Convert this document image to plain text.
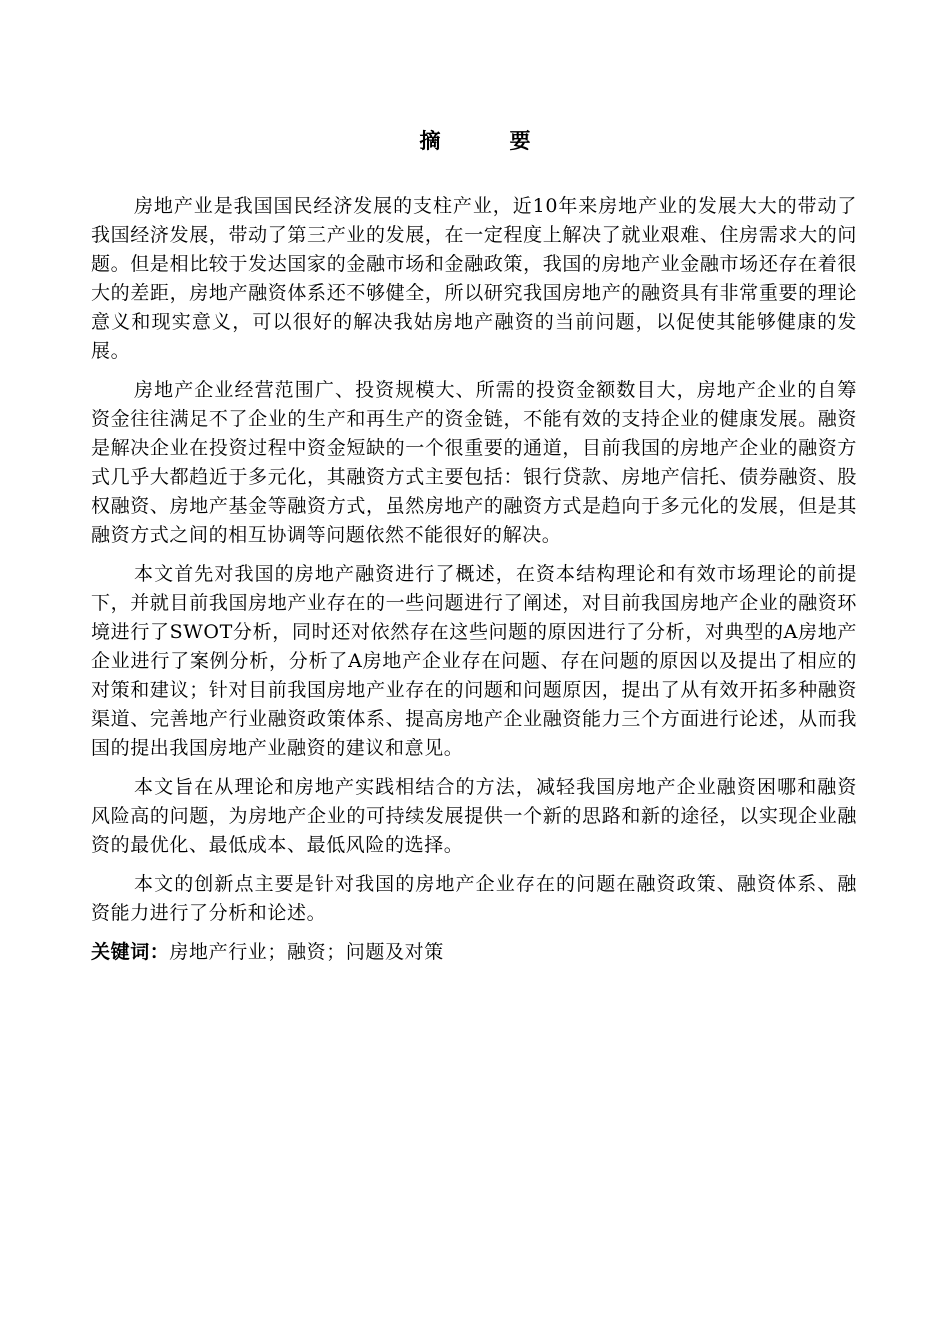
摘　要

房地产业是我国国民经济发展的支柱产业，近10年来房地产业的发展大大的带动了我国经济发展，带动了第三产业的发展，在一定程度上解决了就业艰难、住房需求大的问题。但是相比较于发达国家的金融市场和金融政策，我国的房地产业金融市场还存在着很大的差距，房地产融资体系还不够健全，所以研究我国房地产的融资具有非常重要的理论意义和现实意义，可以很好的解决我姑房地产融资的当前问题，以促使其能够健康的发展。

房地产企业经营范围广、投资规模大、所需的投资金额数目大，房地产企业的自筹资金往往满足不了企业的生产和再生产的资金链，不能有效的支持企业的健康发展。融资是解决企业在投资过程中资金短缺的一个很重要的通道，目前我国的房地产企业的融资方式几乎大都趋近于多元化，其融资方式主要包括：银行贷款、房地产信托、债券融资、股权融资、房地产基金等融资方式，虽然房地产的融资方式是趋向于多元化的发展，但是其融资方式之间的相互协调等问题依然不能很好的解决。

本文首先对我国的房地产融资进行了概述，在资本结构理论和有效市场理论的前提下，并就目前我国房地产业存在的一些问题进行了阐述，对目前我国房地产企业的融资环境进行了SWOT分析，同时还对依然存在这些问题的原因进行了分析，对典型的A房地产企业进行了案例分析，分析了A房地产企业存在问题、存在问题的原因以及提出了相应的对策和建议；针对目前我国房地产业存在的问题和问题原因，提出了从有效开拓多种融资渠道、完善地产行业融资政策体系、提高房地产企业融资能力三个方面进行论述，从而我国的提出我国房地产业融资的建议和意见。

本文旨在从理论和房地产实践相结合的方法，减轻我国房地产企业融资困哪和融资风险高的问题，为房地产企业的可持续发展提供一个新的思路和新的途径，以实现企业融资的最优化、最低成本、最低风险的选择。

本文的创新点主要是针对我国的房地产企业存在的问题在融资政策、融资体系、融资能力进行了分析和论述。

关键词：房地产行业；融资；问题及对策
